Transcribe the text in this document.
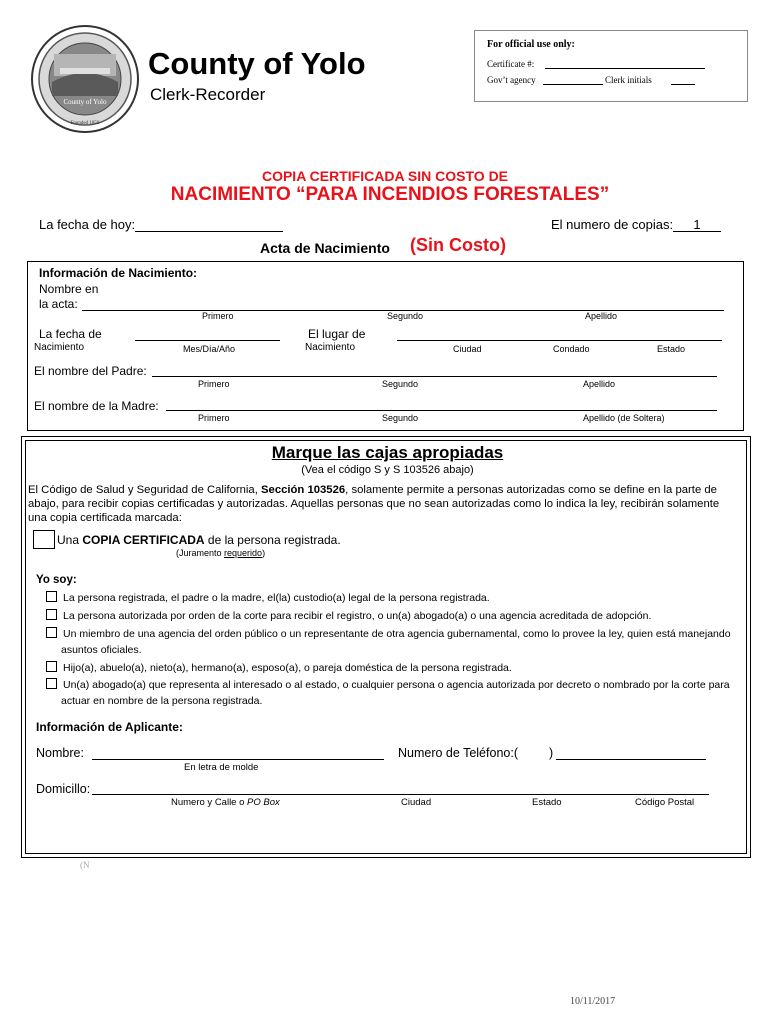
County of Yolo
Founded 1850
County of Yolo
Clerk-Recorder
For official use only:
Certificate #:
Gov’t agency	Clerk initials
COPIA CERTIFICADA SIN COSTO DE
NACIMIENTO “PARA INCENDIOS FORESTALES”
La fecha de hoy:	El numero de copias:	1
Acta de Nacimiento (Sin Costo)
Información de Nacimiento:
Nombre en
la acta:
Primero	Segundo	Apellido
La fecha de
Nacimiento	Mes/Día/Año
El lugar de
Nacimiento	Ciudad	Condado	Estado
El nombre del Padre:
Primero	Segundo	Apellido
El nombre de la Madre:
Primero	Segundo	Apellido (de Soltera)
Marque las cajas apropiadas
(Vea el código S y S 103526 abajo)
El Código de Salud y Seguridad de California, Sección 103526, solamente permite a personas autorizadas como se define en la parte de abajo, para recibir copias certificadas y autorizadas. Aquellas personas que no sean autorizadas como lo indica la ley, recibirán solamente una copia certificada marcada:
Una COPIA CERTIFICADA de la persona registrada.
(Juramento requerido)
Yo soy:
La persona registrada, el padre o la madre, el(la) custodio(a) legal de la persona registrada.
La persona autorizada por orden de la corte para recibir el registro, o un(a) abogado(a) o una agencia acreditada de adopción.
Un miembro de una agencia del orden público o un representante de otra agencia gubernamental, como lo provee la ley, quien está manejando
asuntos oficiales.
Hijo(a), abuelo(a), nieto(a), hermano(a), esposo(a), o pareja doméstica de la persona registrada.
Un(a) abogado(a) que representa al interesado o al estado, o cualquier persona o agencia autorizada por decreto o nombrado por la corte para
actuar en nombre de la persona registrada.
Información de Aplicante:
Nombre:
En letra de molde
Numero de Teléfono:( )
Domicillo:
Numero y Calle o PO Box	Ciudad	Estado	Código Postal
(N
10/11/2017
